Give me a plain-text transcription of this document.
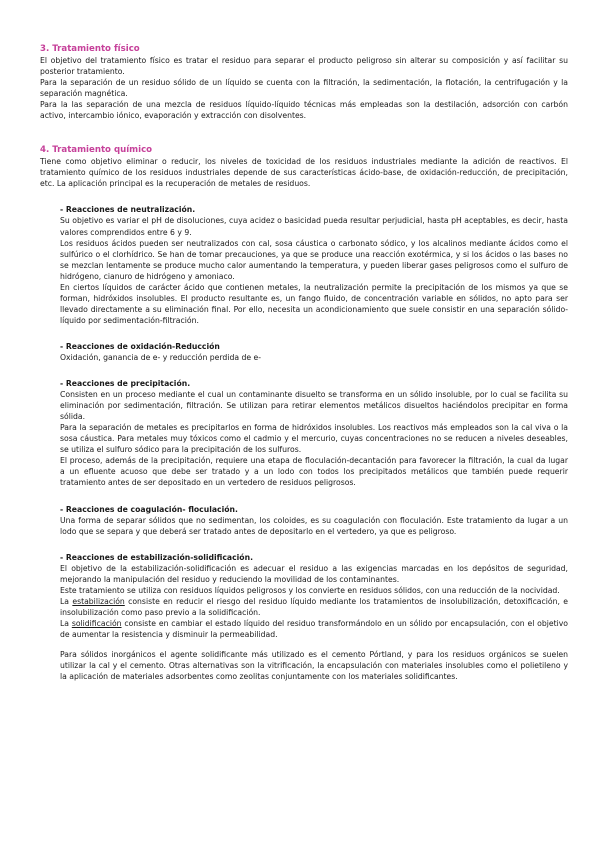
3. Tratamiento físico

El objetivo del tratamiento físico es tratar el residuo para separar el producto peligroso sin alterar su composición y así facilitar su posterior tratamiento.

Para la separación de un residuo sólido de un líquido se cuenta con la filtración, la sedimentación, la flotación, la centrifugación y la separación magnética.

Para la las separación de una mezcla de residuos líquido-líquido técnicas más empleadas son la destilación, adsorción con carbón activo, intercambio iónico, evaporación y extracción con disolventes.

4. Tratamiento químico

Tiene como objetivo eliminar o reducir, los niveles de toxicidad de los residuos industriales mediante la adición de reactivos. El tratamiento químico de los residuos industriales depende de sus características ácido-base, de oxidación-reducción, de precipitación, etc. La aplicación principal es la recuperación de metales de residuos.

- Reacciones de neutralización.

Su objetivo es variar el pH de disoluciones, cuya acidez o basicidad pueda resultar perjudicial, hasta pH aceptables, es decir, hasta valores comprendidos entre 6 y 9.

Los residuos ácidos pueden ser neutralizados con cal, sosa cáustica o carbonato sódico, y los alcalinos mediante ácidos como el sulfúrico o el clorhídrico. Se han de tomar precauciones, ya que se produce una reacción exotérmica, y si los ácidos o las bases no se mezclan lentamente se produce mucho calor aumentando la temperatura, y pueden liberar gases peligrosos como el sulfuro de hidrógeno, cianuro de hidrógeno y amoniaco.

En ciertos líquidos de carácter ácido que contienen metales, la neutralización permite la precipitación de los mismos ya que se forman, hidróxidos insolubles. El producto resultante es, un fango fluido, de concentración variable en sólidos, no apto para ser llevado directamente a su eliminación final. Por ello, necesita un acondicionamiento que suele consistir en una separación sólidolíquido por sedimentación-filtración.

- Reacciones de oxidación-Reducción

Oxidación, ganancia de e- y reducción perdida de e-

- Reacciones de precipitación.

Consisten en un proceso mediante el cual un contaminante disuelto se transforma en un sólido insoluble, por lo cual se facilita su eliminación por sedimentación, filtración. Se utilizan para retirar elementos metálicos disueltos haciéndolos precipitar en forma sólida.

Para la separación de metales es precipitarlos en forma de hidróxidos insolubles. Los reactivos más empleados son la cal viva o la sosa cáustica. Para metales muy tóxicos como el cadmio y el mercurio, cuyas concentraciones no se reducen a niveles deseables, se utiliza el sulfuro sódico para la precipitación de los sulfuros.

El proceso, además de la precipitación, requiere una etapa de floculación-decantación para favorecer la filtración, la cual da lugar a un efluente acuoso que debe ser tratado y a un lodo con todos los precipitados metálicos que también puede requerir tratamiento antes de ser depositado en un vertedero de residuos peligrosos.

- Reacciones de coagulación- floculación.

Una forma de separar sólidos que no sedimentan, los coloides, es su coagulación con floculación. Este tratamiento da lugar a un lodo que se separa y que deberá ser tratado antes de depositarlo en el vertedero, ya que es peligroso.

- Reacciones de estabilización-solidificación.

El objetivo de la estabilización-solidificación es adecuar el residuo a las exigencias marcadas en los depósitos de seguridad, mejorando la manipulación del residuo y reduciendo la movilidad de los contaminantes.

Este tratamiento se utiliza con residuos líquidos peligrosos y los convierte en residuos sólidos, con una reducción de la nocividad.

La estabilización consiste en reducir el riesgo del residuo líquido mediante los tratamientos de insolubilización, detoxificación, e insolubilización como paso previo a la solidificación.

La solidificación consiste en cambiar el estado líquido del residuo transformándolo en un sólido por encapsulación, con el objetivo de aumentar la resistencia y disminuir la permeabilidad.

Para sólidos inorgánicos el agente solidificante más utilizado es el cemento Pórtland, y para los residuos orgánicos se suelen utilizar la cal y el cemento. Otras alternativas son la vitrificación, la encapsulación con materiales insolubles como el polietileno y la aplicación de materiales adsorbentes como zeolitas conjuntamente con los materiales solidificantes.
